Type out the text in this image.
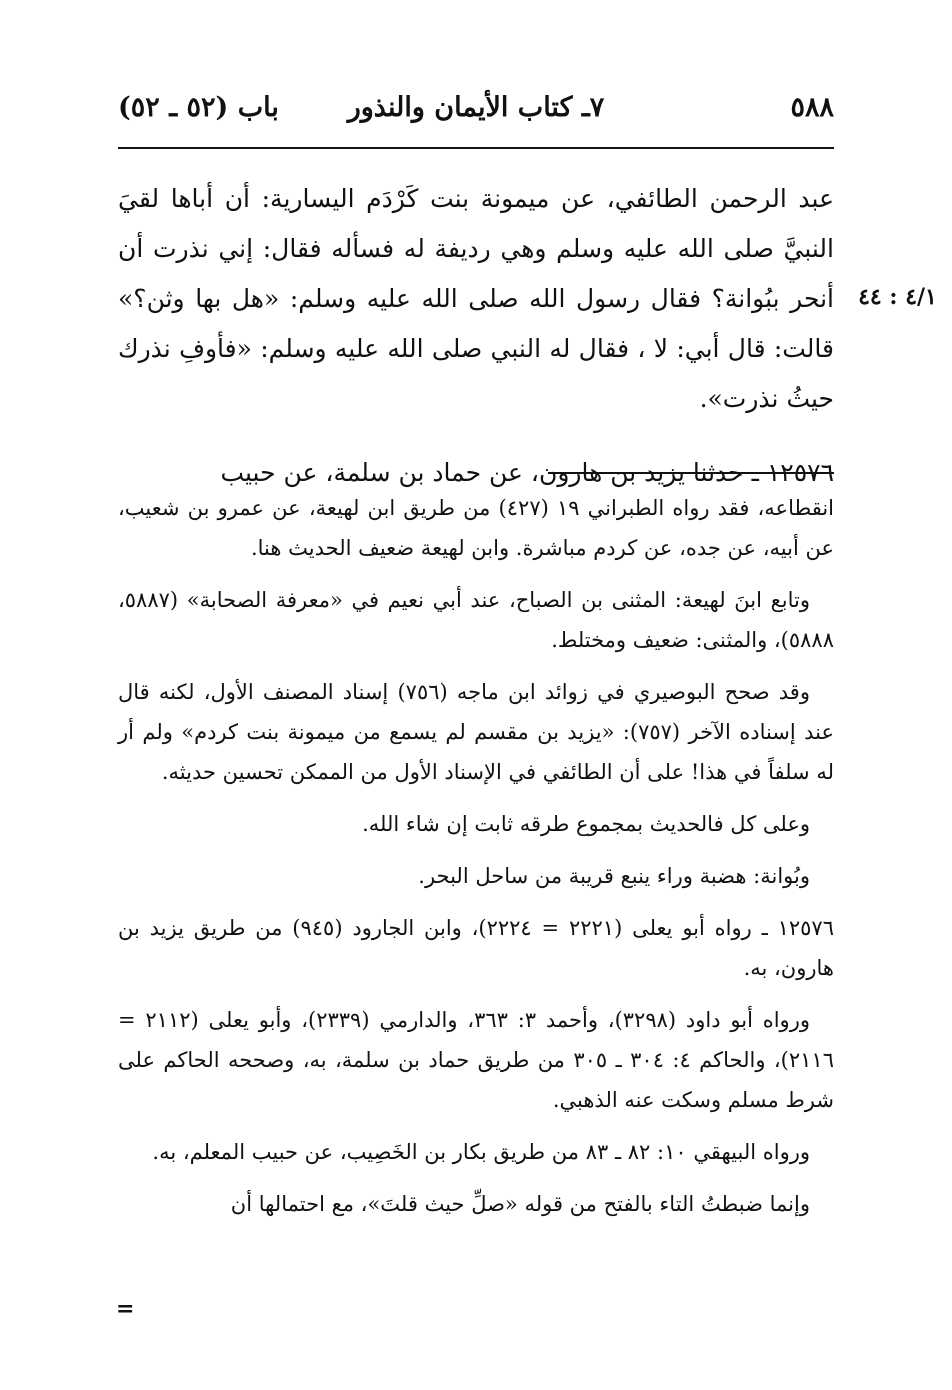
٥٨٨
٧ـ كتاب الأيمان والنذور
باب (٥٢ ـ ٥٢)

عبد الرحمن الطائفي، عن ميمونة بنت كَرْدَم اليسارية: أن أباها لقيَ النبيَّ صلى الله عليه وسلم وهي رديفة له فسأله فقال: إني نذرت أن أنحر ببُوانة؟ فقال رسول الله صلى الله عليه وسلم: «هل بها وثن؟» قالت: قال أبي: لا ، فقال له النبي صلى الله عليه وسلم: «فأوفِ نذرك حيثُ نذرت».

١٢٥٧٦ ـ حدثنا يزيد بن هارون، عن حماد بن سلمة، عن حبيب

٤/١ : ٤٤

انقطاعه، فقد رواه الطبراني ١٩ (٤٢٧) من طريق ابن لهيعة، عن عمرو بن شعيب، عن أبيه، عن جده، عن كردم مباشرة. وابن لهيعة ضعيف الحديث هنا.

وتابع ابنَ لهيعة: المثنى بن الصباح، عند أبي نعيم في «معرفة الصحابة» (٥٨٨٧، ٥٨٨٨)، والمثنى: ضعيف ومختلط.

وقد صحح البوصيري في زوائد ابن ماجه (٧٥٦) إسناد المصنف الأول، لكنه قال عند إسناده الآخر (٧٥٧): «يزيد بن مقسم لم يسمع من ميمونة بنت كردم» ولم أر له سلفاً في هذا! على أن الطائفي في الإسناد الأول من الممكن تحسين حديثه.

وعلى كل فالحديث بمجموع طرقه ثابت إن شاء الله.

وبُوانة: هضبة وراء ينبع قريبة من ساحل البحر.

١٢٥٧٦ ـ رواه أبو يعلى (٢٢٢١ = ٢٢٢٤)، وابن الجارود (٩٤٥) من طريق يزيد بن هارون، به.

ورواه أبو داود (٣٢٩٨)، وأحمد ٣: ٣٦٣، والدارمي (٢٣٣٩)، وأبو يعلى (٢١١٢ = ٢١١٦)، والحاكم ٤: ٣٠٤ ـ ٣٠٥ من طريق حماد بن سلمة، به، وصححه الحاكم على شرط مسلم وسكت عنه الذهبي.

ورواه البيهقي ١٠: ٨٢ ـ ٨٣ من طريق بكار بن الخَصِيب، عن حبيب المعلم، به.

وإنما ضبطتُ التاء بالفتح من قوله «صلِّ حيث قلتَ»، مع احتمالها أن

=
